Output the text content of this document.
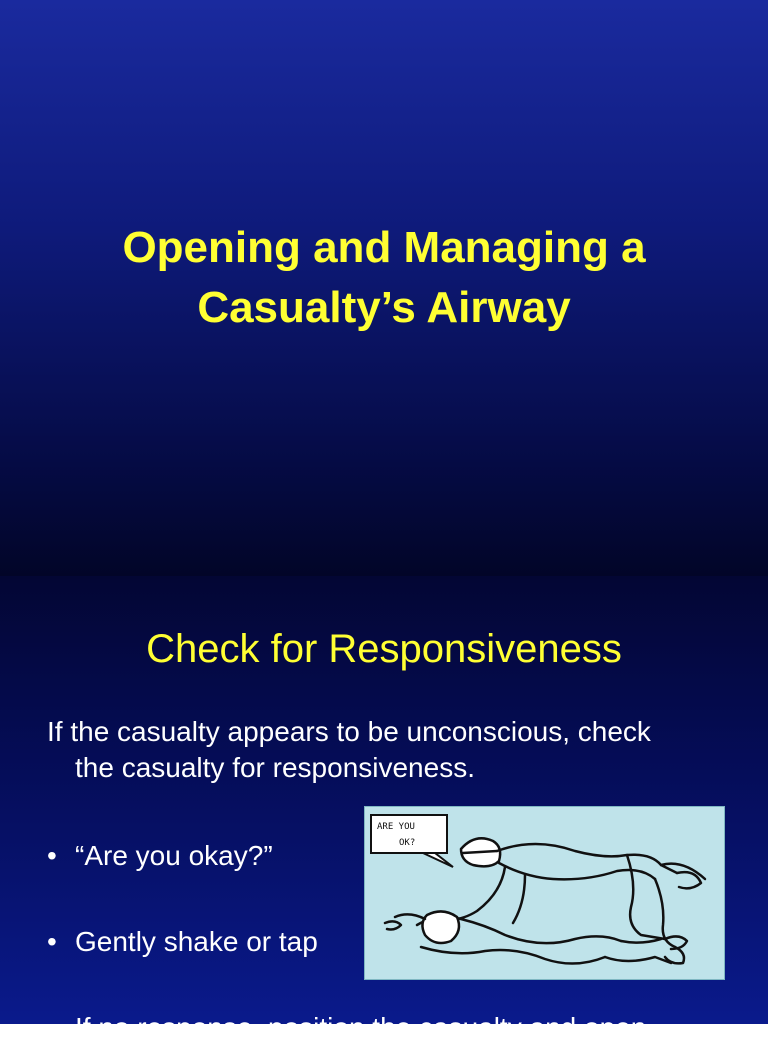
Opening and Managing a
Casualty’s Airway
Check for Responsiveness
If the casualty appears to be unconscious, check
the casualty for responsiveness.
• “Are you okay?”
• Gently shake or tap
• If no response, position the casualty and open
ARE YOU
OK?
